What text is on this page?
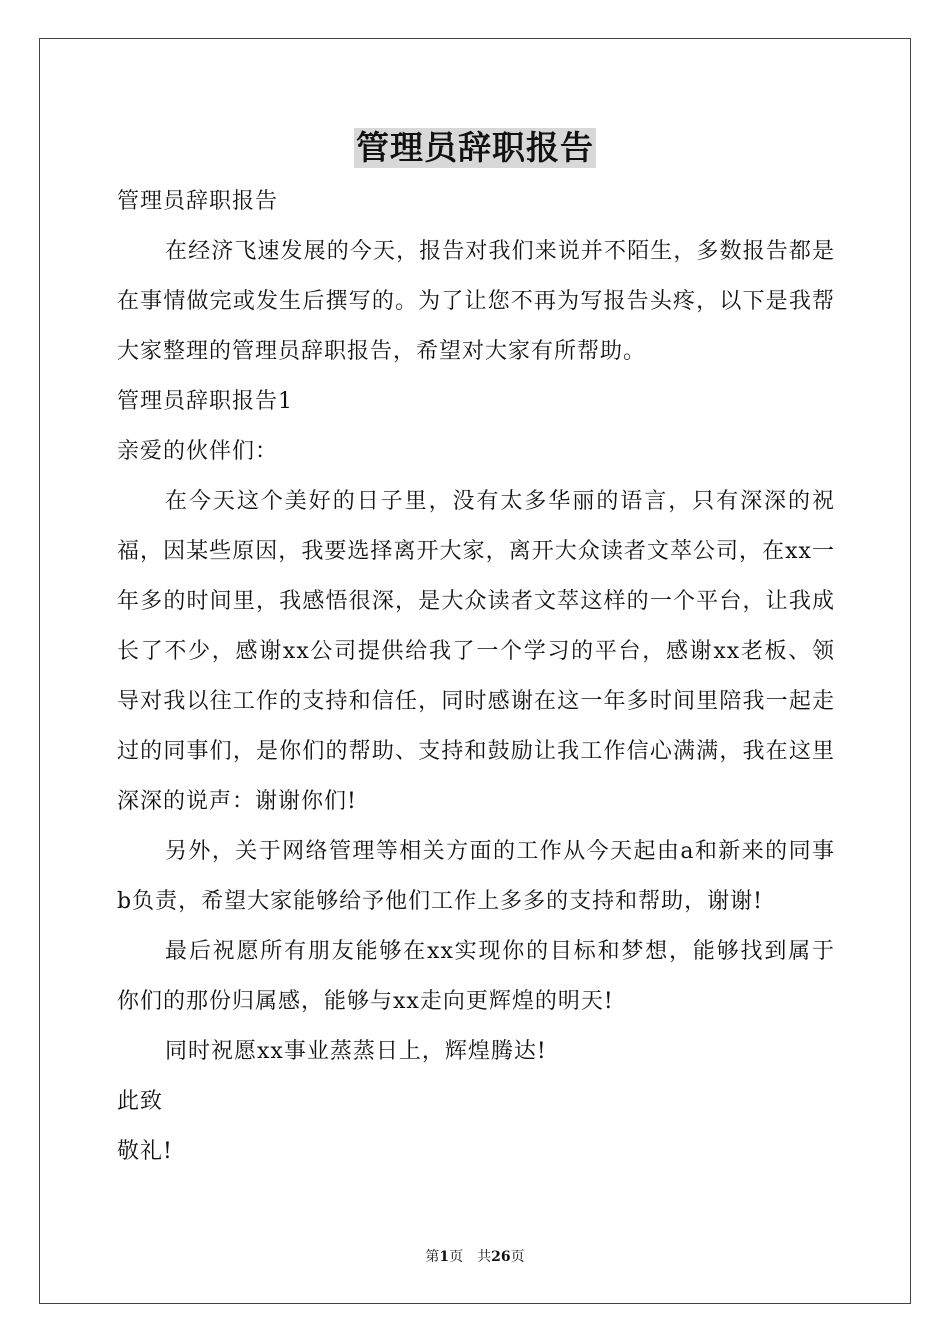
管理员辞职报告

管理员辞职报告

在经济飞速发展的今天，报告对我们来说并不陌生，多数报告都是在事情做完或发生后撰写的。为了让您不再为写报告头疼，以下是我帮大家整理的管理员辞职报告，希望对大家有所帮助。

管理员辞职报告1

亲爱的伙伴们：

在今天这个美好的日子里，没有太多华丽的语言，只有深深的祝福，因某些原因，我要选择离开大家，离开大众读者文萃公司，在xx一年多的时间里，我感悟很深，是大众读者文萃这样的一个平台，让我成长了不少，感谢xx公司提供给我了一个学习的平台，感谢xx老板、领导对我以往工作的支持和信任，同时感谢在这一年多时间里陪我一起走过的同事们，是你们的帮助、支持和鼓励让我工作信心满满，我在这里深深的说声：谢谢你们!

另外，关于网络管理等相关方面的工作从今天起由a和新来的同事b负责，希望大家能够给予他们工作上多多的支持和帮助，谢谢!

最后祝愿所有朋友能够在xx实现你的目标和梦想，能够找到属于你们的那份归属感，能够与xx走向更辉煌的明天!

同时祝愿xx事业蒸蒸日上，辉煌腾达!

此致

敬礼!

第1页 共26页
